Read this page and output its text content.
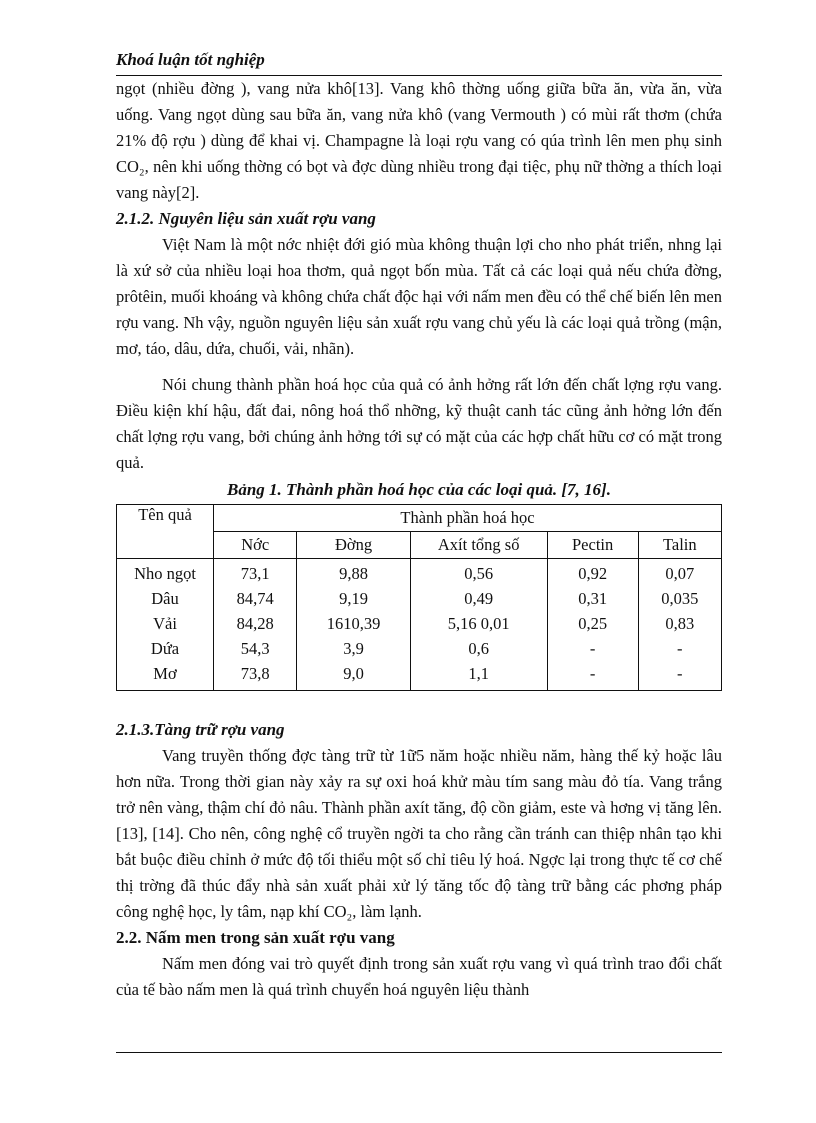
Khoá luận tốt nghiệp

ngọt (nhiều đờng ), vang nửa khô[13]. Vang khô thờng uống giữa bữa ăn, vừa ăn, vừa uống. Vang ngọt dùng sau bữa ăn, vang nửa khô (vang Vermouth ) có mùi rất thơm (chứa 21% độ rợu ) dùng để khai vị. Champagne là loại rợu vang có qúa trình lên men phụ sinh CO₂, nên khi uống thờng có bọt và đợc dùng nhiều trong đại tiệc, phụ nữ thờng a thích loại vang này[2].

2.1.2. Nguyên liệu sản xuất rợu vang

Việt Nam là một nớc nhiệt đới gió mùa không thuận lợi cho nho phát triển, nhng lại là xứ sở của nhiều loại hoa thơm, quả ngọt bốn mùa. Tất cả các loại quả nếu chứa đờng, prôtêin, muối khoáng và không chứa chất độc hại với nấm men đều có thể chế biến lên men rợu vang. Nh vậy, nguồn nguyên liệu sản xuất rợu vang chủ yếu là các loại quả trồng (mận, mơ, táo, dâu, dứa, chuối, vải, nhãn).

Nói chung thành phần hoá học của quả có ảnh hởng rất lớn đến chất lợng rợu vang. Điều kiện khí hậu, đất đai, nông hoá thổ nhỡng, kỹ thuật canh tác cũng ảnh hởng lớn đến chất lợng rợu vang, bởi chúng ảnh hởng tới sự có mặt của các hợp chất hữu cơ có mặt trong quả.

Bảng 1. Thành phần hoá học của các loại quả. [7, 16].
Tên quả	Thành phần hoá học				
	Nớc	Đờng	Axít tổng số	Pectin	Talin
Nho ngọt	73,1	9,88	0,56	0,92	0,07
Dâu	84,74	9,19	0,49	0,31	0,035
Vải	84,28	1610,39	5,16 0,01	0,25	0,83
Dứa	54,3	3,9	0,6	-	-
Mơ	73,8	9,0	1,1	-	-
2.1.3.Tàng trữ rợu vang

Vang truyền thống đợc tàng trữ từ 1ữ5 năm hoặc nhiều năm, hàng thế kỷ hoặc lâu hơn nữa. Trong thời gian này xảy ra sự oxi hoá khử màu tím sang màu đỏ tía. Vang trắng trở nên vàng, thậm chí đỏ nâu. Thành phần axít tăng, độ cồn giảm, este và hơng vị tăng lên. [13], [14]. Cho nên, công nghệ cổ truyền ngời ta cho rằng cần tránh can thiệp nhân tạo khi bắt buộc điều chỉnh ở mức độ tối thiểu một số chỉ tiêu lý hoá. Ngợc lại trong thực tế cơ chế thị trờng đã thúc đẩy nhà sản xuất phải xử lý tăng tốc độ tàng trữ bằng các phơng pháp công nghệ học, ly tâm, nạp khí CO₂, làm lạnh.

2.2. Nấm men trong sản xuất rợu vang

Nấm men đóng vai trò quyết định trong sản xuất rợu vang vì quá trình trao đổi chất của tế bào nấm men là quá trình chuyển hoá nguyên liệu thành
